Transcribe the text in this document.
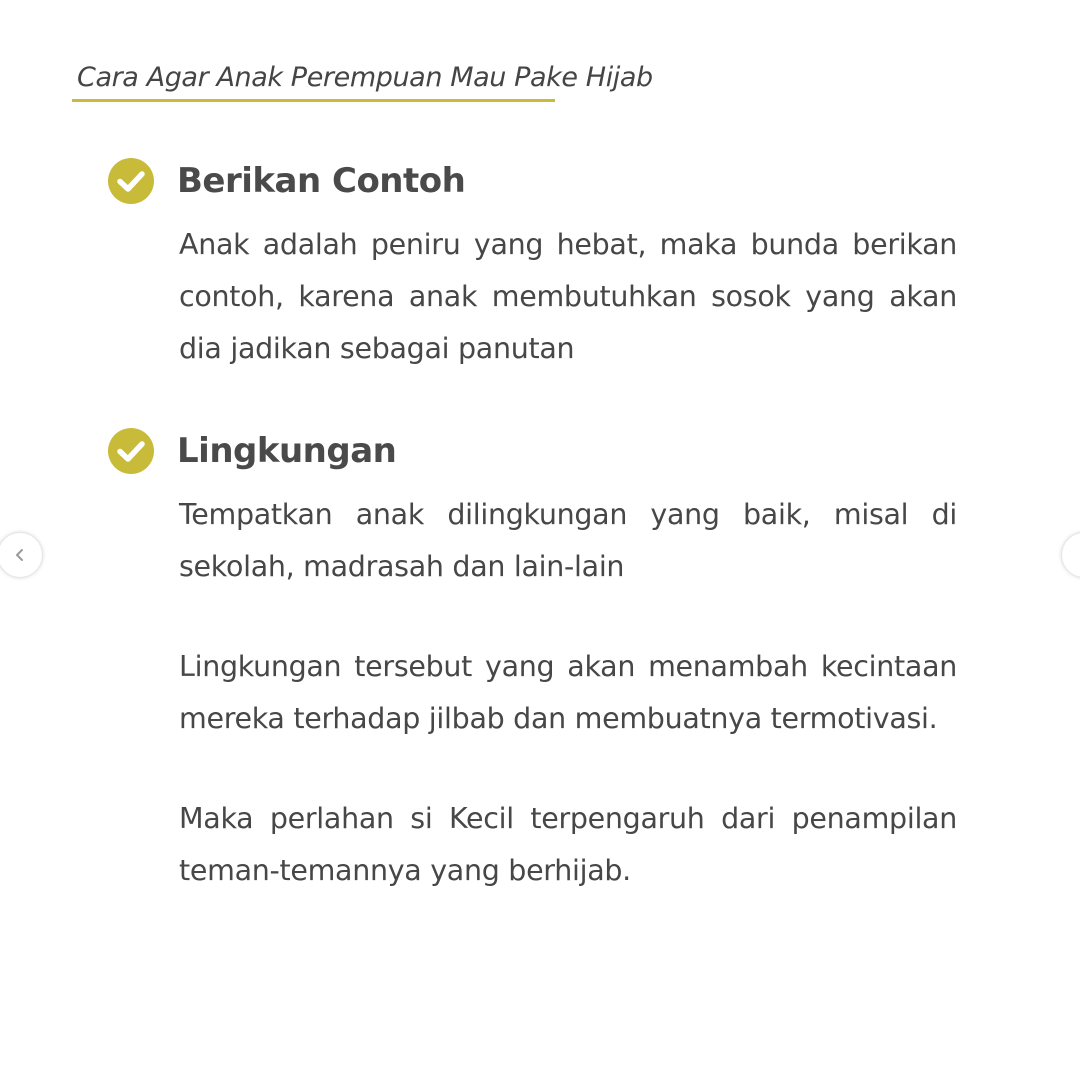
Cara Agar Anak Perempuan Mau Pake Hijab
Berikan Contoh
Anak adalah peniru yang hebat, maka bunda berikan contoh, karena anak membutuhkan sosok yang akan dia jadikan sebagai panutan
Lingkungan
Tempatkan anak dilingkungan yang baik, misal di sekolah, madrasah dan lain-lain
Lingkungan tersebut yang akan menambah kecintaan mereka terhadap jilbab dan membuatnya termotivasi.
Maka perlahan si Kecil terpengaruh dari penampilan teman-temannya yang berhijab.
